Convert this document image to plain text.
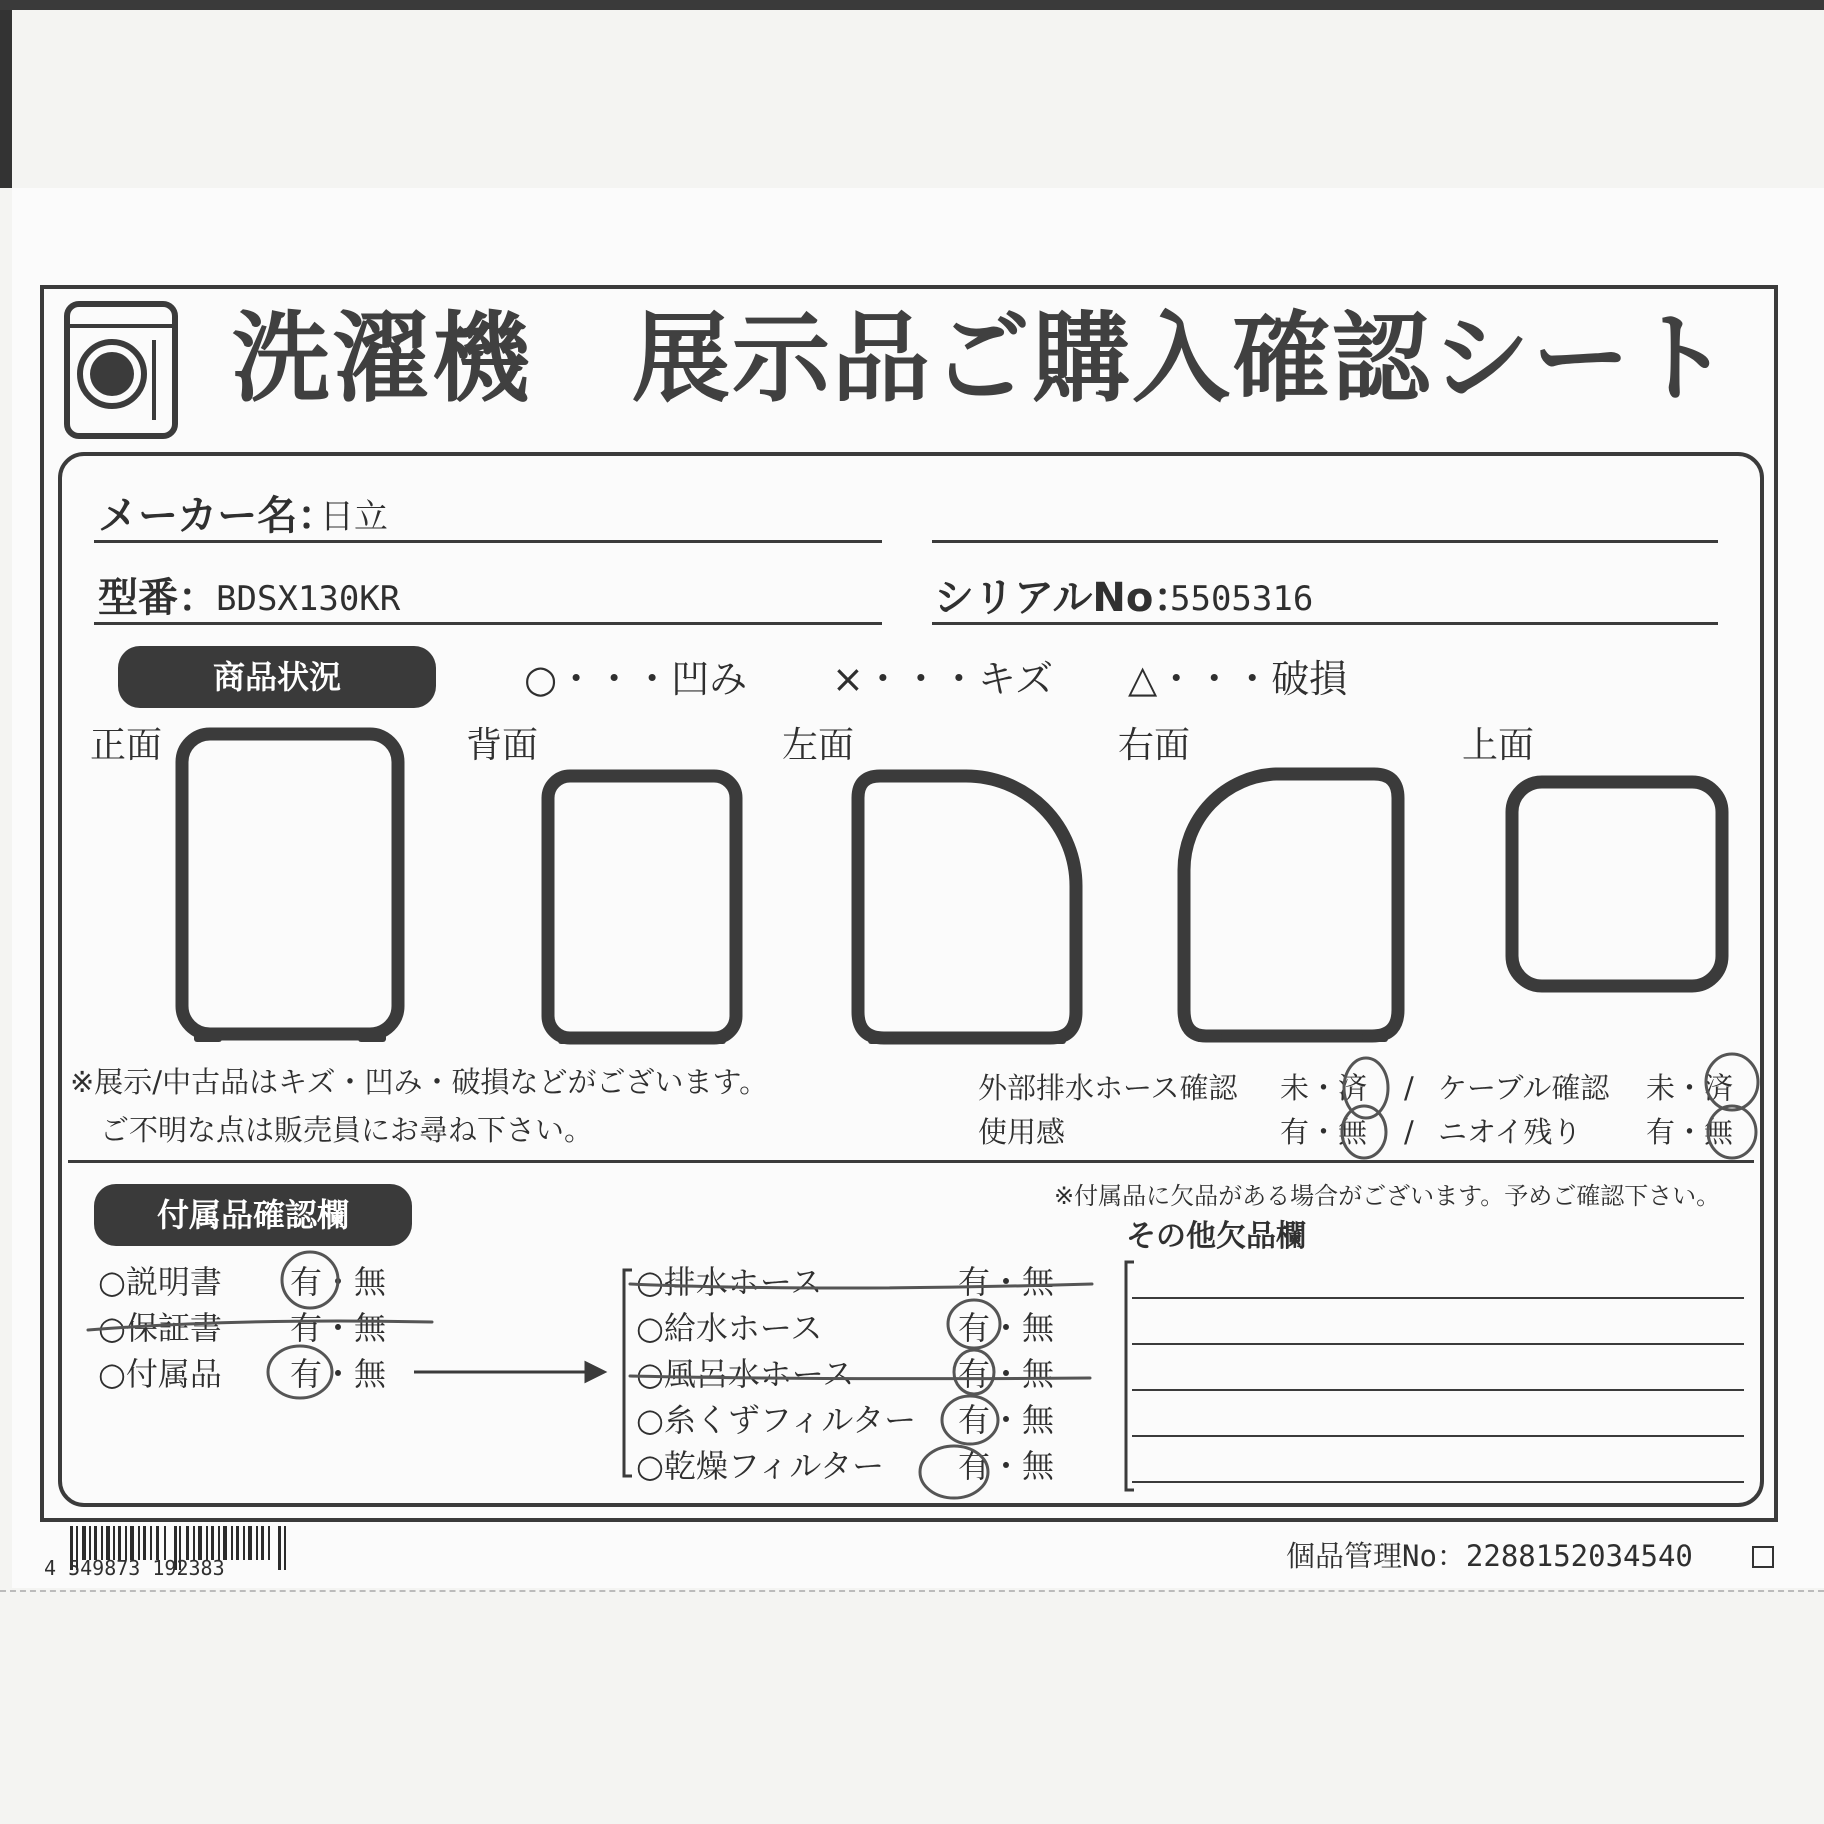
洗濯機　展示品ご購入確認シート
メーカー名：
日立
型番：
BDSX130KR	シリアルNo：
5505316
商品状況	○・・・凹み ×・・・キズ △・・・破損
正面	背面	左面	右面	上面
※展示/中古品はキズ・凹み・破損などがございます。
ご不明な点は販売員にお尋ね下さい。
外部排水ホース確認 未・済 / ケーブル確認 未・済
使用感	有・無 / ニオイ残り 有・無
付属品確認欄	※付属品に欠品がある場合がございます。予めご確認下さい。
その他欠品欄
○説明書 有・無
○保証書 有・無
○付属品 有・無
○排水ホース	有・無
○給水ホース	有・無
○風呂水ホース	有・無
○糸くずフィルター 有・無
○乾燥フィルター 有・無
4 549873 192383	個品管理No：2288152034540
